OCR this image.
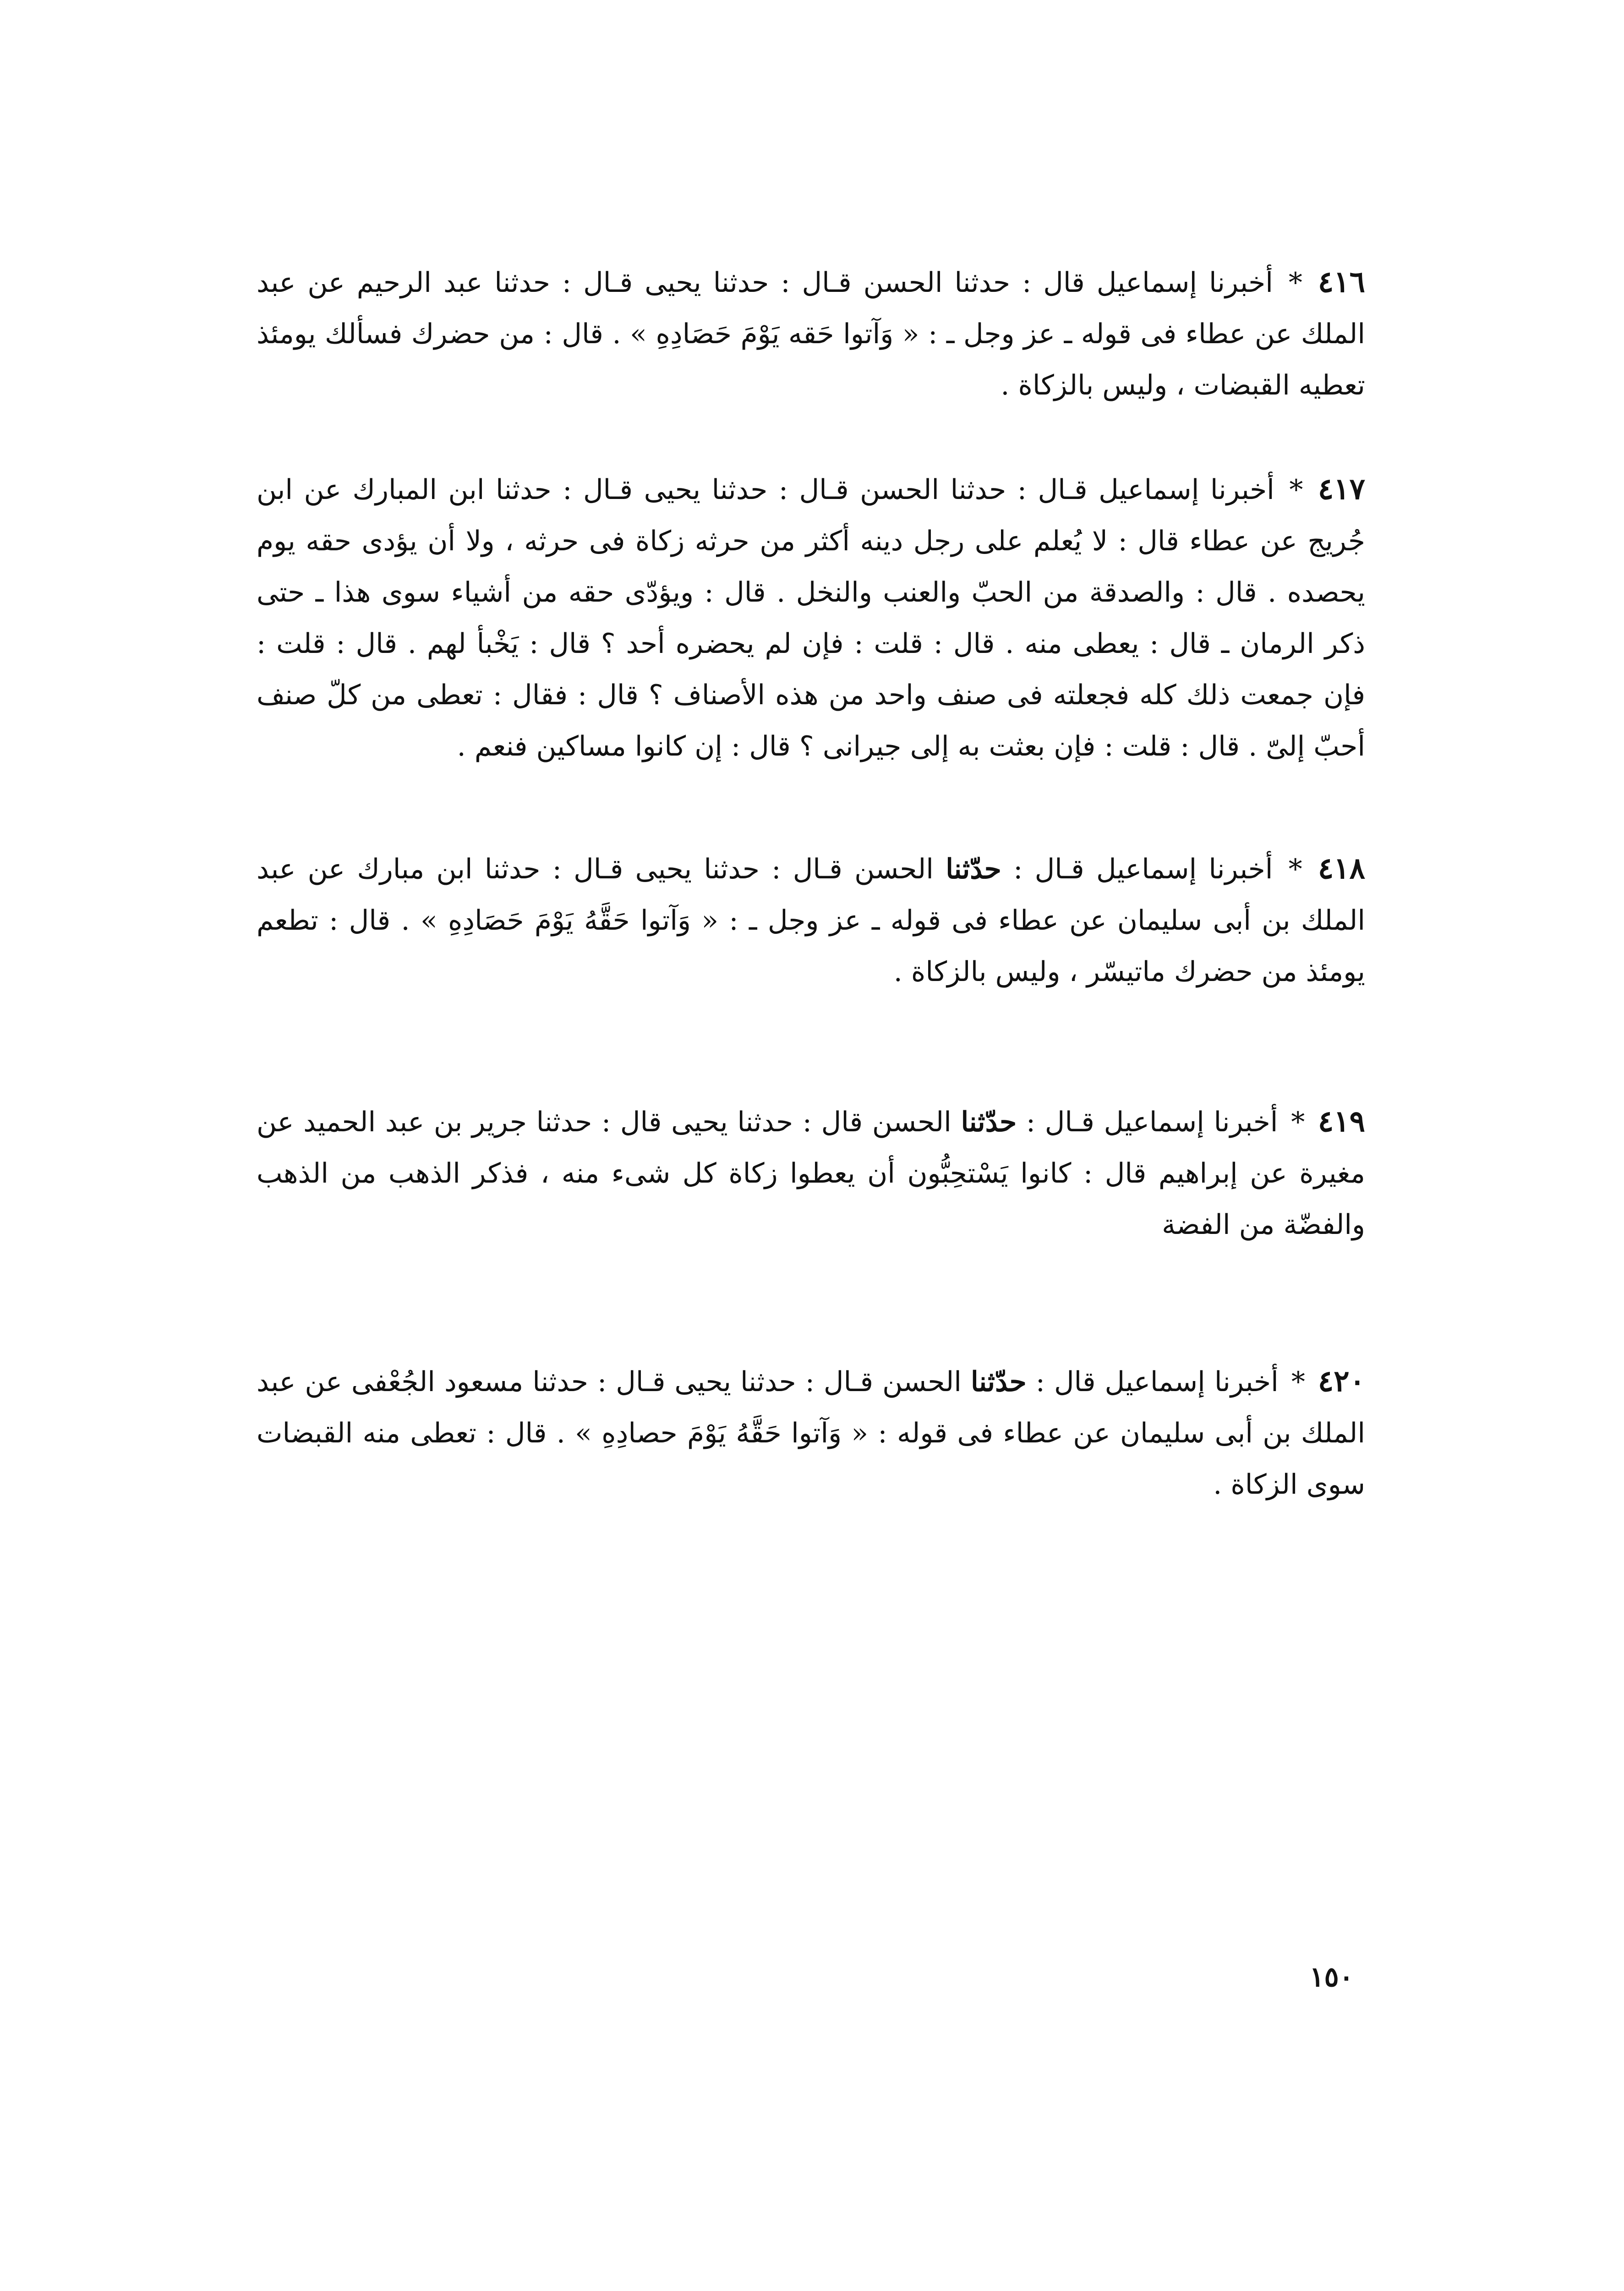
٤١٦ * أخبرنا إسماعيل قال : حدثنا الحسن قـال : حدثنا يحيى قـال : حدثنا عبد الرحيم عن عبد الملك عن عطاء فى قوله ـ عز وجل ـ : « وَآتوا حَقه يَوْمَ حَصَادِهِ » . قال : من حضرك فسألك يومئذ تعطيه القبضات ، وليس بالزكاة .

٤١٧ * أخبرنا إسماعيل قـال : حدثنا الحسن قـال : حدثنا يحيى قـال : حدثنا ابن المبارك عن ابن جُريج عن عطاء قال : لا يُعلم على رجل دينه أكثر من حرثه زكاة فى حرثه ، ولا أن يؤدى حقه يوم يحصده . قال : والصدقة من الحبّ والعنب والنخل . قال : ويؤدّى حقه من أشياء سوى هذا ـ حتى ذكر الرمان ـ قال : يعطى منه . قال : قلت : فإن لم يحضره أحد ؟ قال : يَخْبأ لهم . قال : قلت : فإن جمعت ذلك كله فجعلته فى صنف واحد من هذه الأصناف ؟ قال : فقال : تعطى من كلّ صنف أحبّ إلىّ . قال : قلت : فإن بعثت به إلى جيرانى ؟ قال : إن كانوا مساكين فنعم .

٤١٨ * أخبرنا إسماعيل قـال : حدّثنا الحسن قـال : حدثنا يحيى قـال : حدثنا ابن مبارك عن عبد الملك بن أبى سليمان عن عطاء فى قوله ـ عز وجل ـ : « وَآتوا حَقَّهُ يَوْمَ حَصَادِهِ » . قال : تطعم يومئذ من حضرك ماتيسّر ، وليس بالزكاة .

٤١٩ * أخبرنا إسماعيل قـال : حدّثنا الحسن قال : حدثنا يحيى قال : حدثنا جرير بن عبد الحميد عن مغيرة عن إبراهيم قال : كانوا يَسْتحِبُّون أن يعطوا زكاة كل شىء منه ، فذكر الذهب من الذهب والفضّة من الفضة

٤٢٠ * أخبرنا إسماعيل قال : حدّثنا الحسن قـال : حدثنا يحيى قـال : حدثنا مسعود الجُعْفى عن عبد الملك بن أبى سليمان عن عطاء فى قوله : « وَآتوا حَقَّهُ يَوْمَ حصادِهِ » . قال : تعطى منه القبضات سوى الزكاة .

١٥٠
